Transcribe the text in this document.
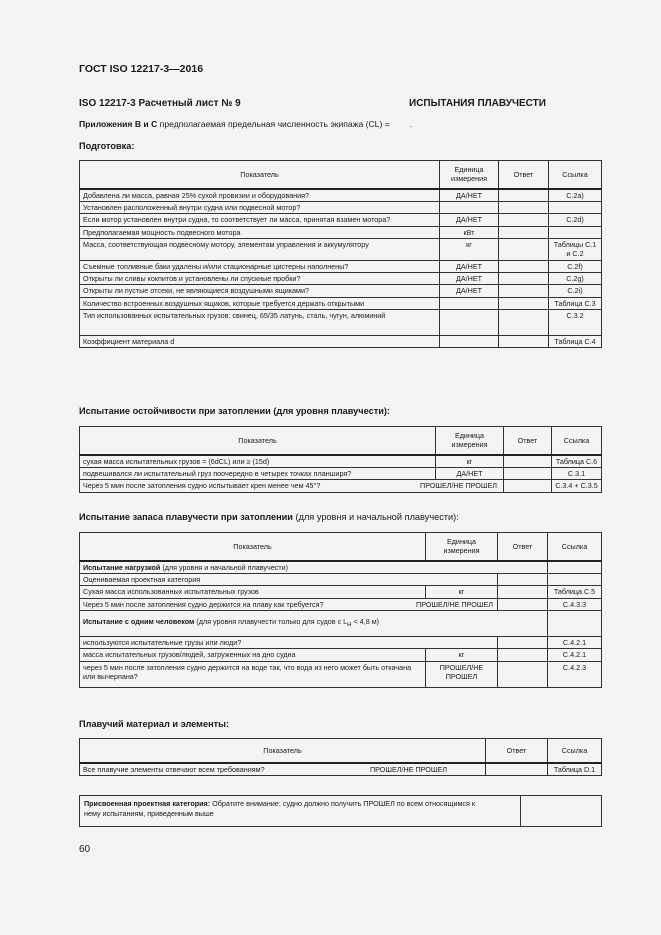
ГОСТ ISO 12217-3—2016
ISO 12217-3 Расчетный лист № 9	ИСПЫТАНИЯ ПЛАВУЧЕСТИ
Приложения В и С предполагаемая предельная численность экипажа (CL) = .
Подготовка:
Показатель	Единица измерения	Ответ	Ссылка
Добавлена ли масса, равная 25% сухой провизии и оборудования?	ДА/НЕТ		С.2a)
Установлен расположенный внутри судна или подвесной мотор?			
Если мотор установлен внутри судна, то соответствует ли масса, принятая взамен мотора?	ДА/НЕТ		С.2d)
Предполагаемая мощность подвесного мотора	кВт		
Масса, соответствующая подвесному мотору, элементам управления и аккумулятору	кг		Таблицы С.1 и С.2
Съемные топливные баки удалены и/или стационарные цистерны наполнены?	ДА/НЕТ		С.2f)
Открыты ли сливы кокпитов и установлены ли спускные пробки?	ДА/НЕТ		С.2g)
Открыты ли пустые отсеки, не являющиеся воздушными ящиками?	ДА/НЕТ		С.2i)
Количество встроенных воздушных ящиков, которые требуется держать открытыми			Таблица С.3
Тип использованных испытательных грузов: свинец, 65/35 латунь, сталь, чугун, алюминий			С.3.2
Коэффициент материала d			Таблица С.4
Испытание остойчивости при затоплении (для уровня плавучести):
Показатель	Единица измерения	Ответ	Ссылка
сухая масса испытательных грузов = (6dCL) или ≥ (15d)	кг		Таблица С.6
подвешивался ли испытательный груз поочередно в четырех точках планширя?	ДА/НЕТ		С.3.1
Через 5 мин после затопления судно испытывает крен менее чем 45°? ПРОШЕЛ/НЕ ПРОШЕЛ			С.3.4 + С.3.5
Испытание запаса плавучести при затоплении (для уровня и начальной плавучести):
Показатель	Единица измерения	Ответ	Ссылка
Испытание нагрузкой (для уровня и начальной плавучести)			
Оцениваемая проектная категория			
Сухая масса использованных испытательных грузов	кг		Таблица С.5
Через 5 мин после затопления судно держится на плаву как требуется? ПРОШЕЛ/НЕ ПРОШЕЛ			С.4.3.3
Испытание с одним человеком (для уровня плавучести только для судов с $L_H < 4,8$ м)			
используются испытательные грузы или люди?			С.4.2.1
масса испытательных грузов/людей, загруженных на дно судна	кг		С.4.2.1
через 5 мин после затопления судно держится на воде так, что вода из него может быть откачана или вычерпана?	ПРОШЕЛ/НЕ ПРОШЕЛ		С.4.2.3
Плавучий материал и элементы:
Показатель	Ответ	Ссылка
Все плавучие элементы отвечают всем требованиям? ПРОШЕЛ/НЕ ПРОШЕЛ		Таблица D.1
Присвоенная проектная категория: Обратите внимание: судно должно получить ПРОШЕЛ по всем относящимся к нему испытаниям, приведенным выше
60
